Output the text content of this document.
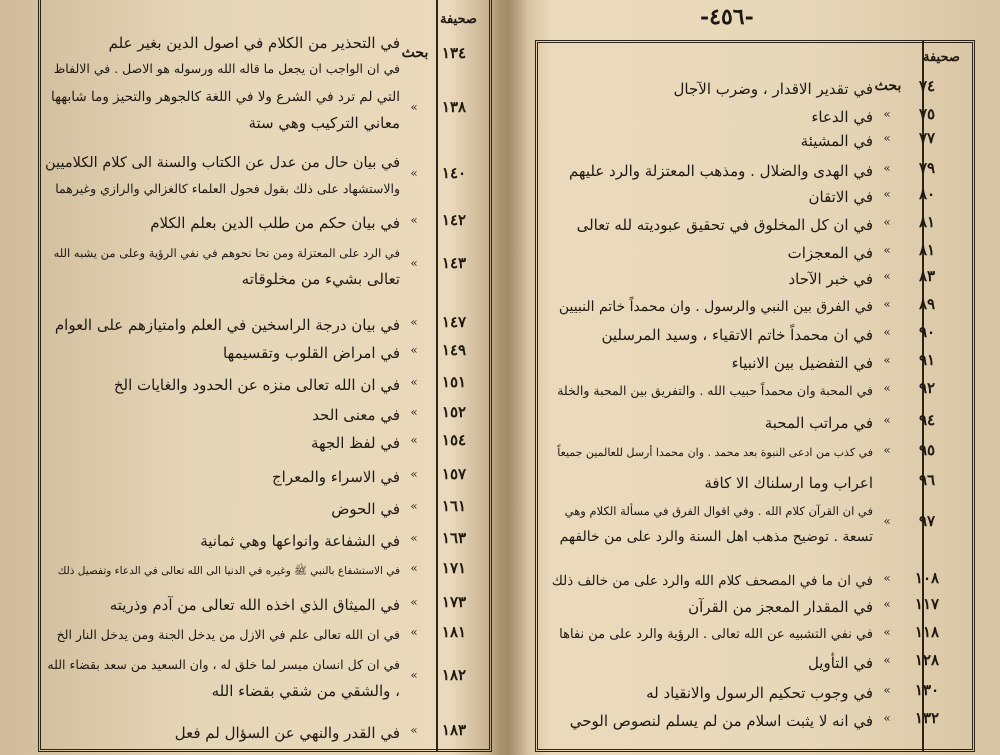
-٤٥٦-
صحيفة
١٣٤
بحث
في التحذير من الكلام في اصول الدين بغير علم
في ان الواجب ان يجعل ما قاله الله ورسوله هو الاصل . في الالفاظ
١٣٨
»
التي لم ترد في الشرع ولا في اللغة كالجوهر والتحيز وما شابهها
معاني التركيب وهي ستة
١٤٠
»
في بيان حال من عدل عن الكتاب والسنة الى كلام الكلاميين
والاستشهاد على ذلك بقول فحول العلماء كالغزالي والرازي وغيرهما
١٤٢
»
في بيان حكم من طلب الدين بعلم الكلام
١٤٣
»
في الرد على المعتزلة ومن نحا نحوهم في نفي الرؤية وعلى من يشبه الله
تعالى بشيء من مخلوقاته
١٤٧
»
في بيان درجة الراسخين في العلم وامتيازهم على العوام
١٤٩
»
في امراض القلوب وتقسيمها
١٥١
»
في ان الله تعالى منزه عن الحدود والغايات الخ
١٥٢
»
في معنى الحد
١٥٤
»
في لفظ الجهة
١٥٧
»
في الاسراء والمعراج
١٦١
»
في الحوض
١٦٣
»
في الشفاعة وانواعها وهي ثمانية
١٧١
»
في الاستشفاع بالنبي ﷺ وغيره في الدنيا الى الله تعالى في الدعاء وتفصيل ذلك
١٧٣
»
في الميثاق الذي اخذه الله تعالى من آدم وذريته
١٨١
»
في ان الله تعالى علم في الازل من يدخل الجنة ومن يدخل النار الخ
١٨٢
»
في ان كل انسان ميسر لما خلق له ، وان السعيد من سعد بقضاء الله
، والشقي من شقي بقضاء الله
١٨٣
»
في القدر والنهي عن السؤال لم فعل
صحيفة
٧٤
بحث
في تقدير الاقدار ، وضرب الآجال
٧٥
»
في الدعاء
٧٧
»
في المشيئة
٧٩
»
في الهدى والضلال . ومذهب المعتزلة والرد عليهم
٨٠
»
في الاتقان
٨١
»
في ان كل المخلوق في تحقيق عبوديته لله تعالى
٨١
»
في المعجزات
٨٣
»
في خبر الآحاد
٨٩
»
في الفرق بين النبي والرسول . وان محمداً خاتم النبيين
٩٠
»
في ان محمداً خاتم الاتقياء ، وسيد المرسلين
٩١
»
في التفضيل بين الانبياء
٩٢
»
في المحبة وان محمداً حبيب الله . والتفريق بين المحبة والخلة
٩٤
»
في مراتب المحبة
٩٥
»
في كذب من ادعى النبوة بعد محمد . وان محمدا أرسل للعالمين جميعاً
٩٦
اعراب وما ارسلناك الا كافة
٩٧
»
في ان القرآن كلام الله . وفي اقوال الفرق في مسألة الكلام وهي
تسعة . توضيح مذهب اهل السنة والرد على من خالفهم
١٠٨
»
في ان ما في المصحف كلام الله والرد على من خالف ذلك
١١٧
»
في المقدار المعجز من القرآن
١١٨
»
في نفي التشبيه عن الله تعالى . الرؤية والرد على من نفاها
١٢٨
»
في التأويل
١٣٠
»
في وجوب تحكيم الرسول والانقياد له
١٣٢
»
في انه لا يثبت اسلام من لم يسلم لنصوص الوحي
